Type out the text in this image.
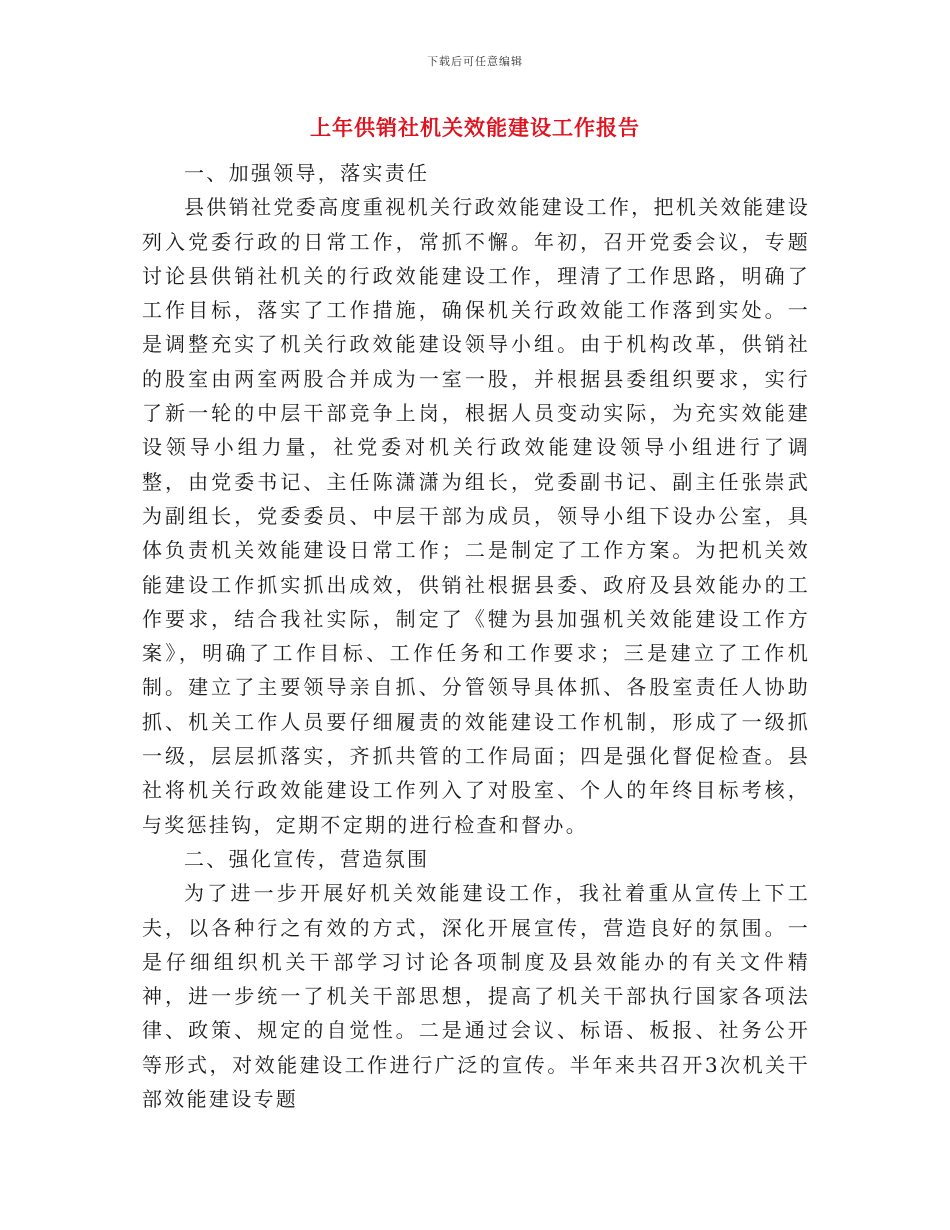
下载后可任意编辑
上年供销社机关效能建设工作报告

一、加强领导，落实责任

县供销社党委高度重视机关行政效能建设工作，把机关效能建设列入党委行政的日常工作，常抓不懈。年初，召开党委会议，专题讨论县供销社机关的行政效能建设工作，理清了工作思路，明确了工作目标，落实了工作措施，确保机关行政效能工作落到实处。一是调整充实了机关行政效能建设领导小组。由于机构改革，供销社的股室由两室两股合并成为一室一股，并根据县委组织要求，实行了新一轮的中层干部竞争上岗，根据人员变动实际，为充实效能建设领导小组力量，社党委对机关行政效能建设领导小组进行了调整，由党委书记、主任陈潇潇为组长，党委副书记、副主任张崇武为副组长，党委委员、中层干部为成员，领导小组下设办公室，具体负责机关效能建设日常工作；二是制定了工作方案。为把机关效能建设工作抓实抓出成效，供销社根据县委、政府及县效能办的工作要求，结合我社实际，制定了《犍为县加强机关效能建设工作方案》，明确了工作目标、工作任务和工作要求；三是建立了工作机制。建立了主要领导亲自抓、分管领导具体抓、各股室责任人协助抓、机关工作人员要仔细履责的效能建设工作机制，形成了一级抓一级，层层抓落实，齐抓共管的工作局面；四是强化督促检查。县社将机关行政效能建设工作列入了对股室、个人的年终目标考核，与奖惩挂钩，定期不定期的进行检查和督办。

二、强化宣传，营造氛围

为了进一步开展好机关效能建设工作，我社着重从宣传上下工夫，以各种行之有效的方式，深化开展宣传，营造良好的氛围。一是仔细组织机关干部学习讨论各项制度及县效能办的有关文件精神，进一步统一了机关干部思想，提高了机关干部执行国家各项法律、政策、规定的自觉性。二是通过会议、标语、板报、社务公开等形式，对效能建设工作进行广泛的宣传。半年来共召开3次机关干部效能建设专题
